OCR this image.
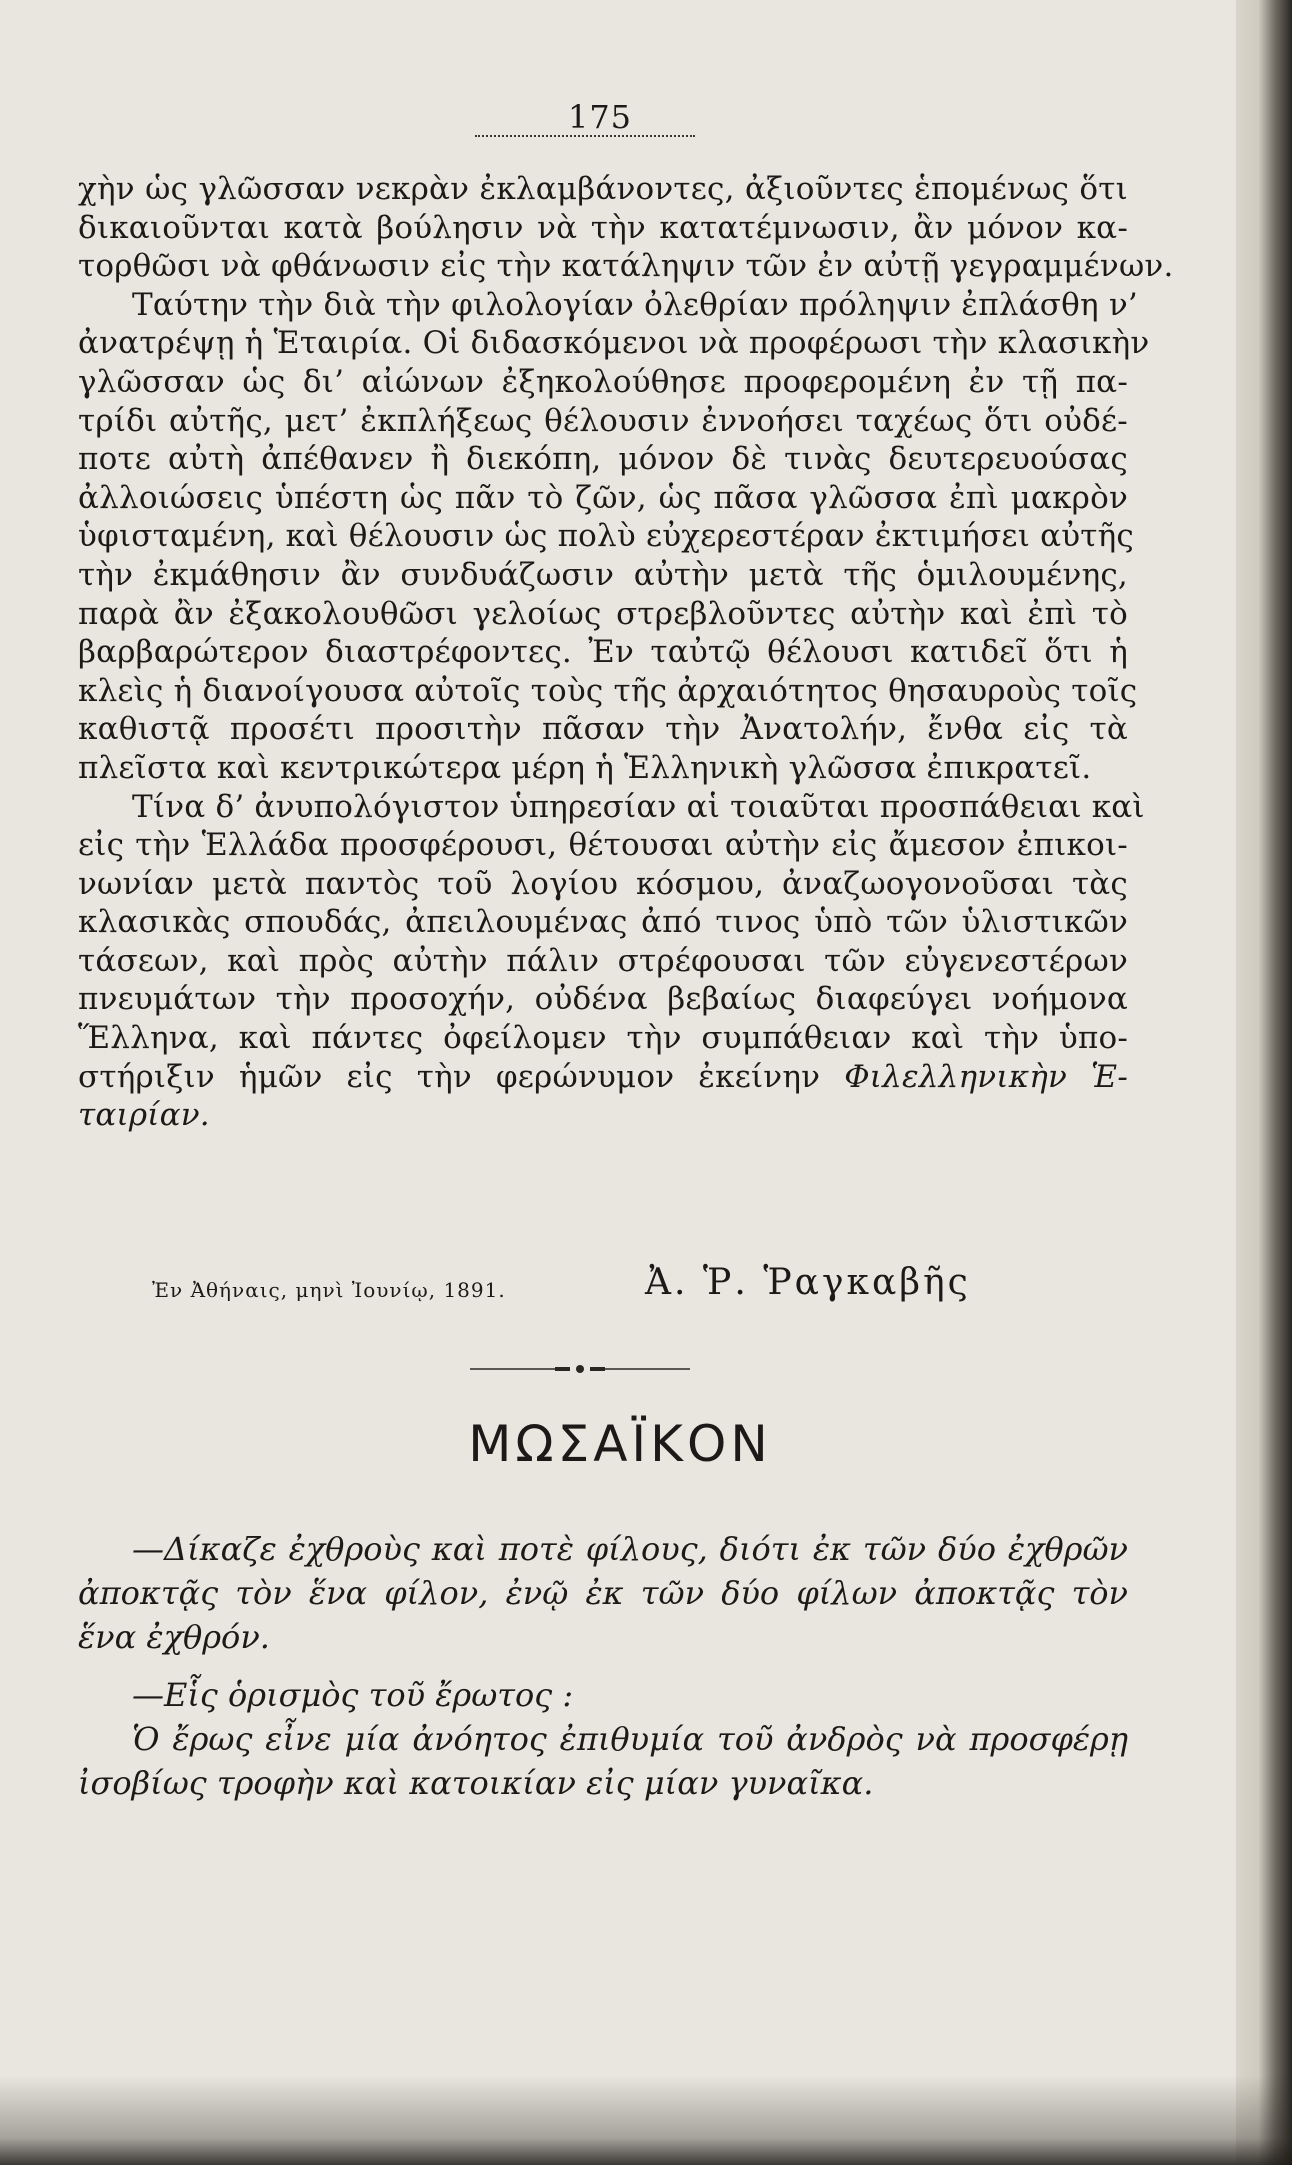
175
χὴν ὡς γλῶσσαν νεκρὰν ἐκλαμβάνοντες, ἀξιοῦντες ἑπομένως ὅτι
δικαιοῦνται κατὰ βούλησιν νὰ τὴν κατατέμνωσιν, ἂν μόνον κα-
τορθῶσι νὰ φθάνωσιν εἰς τὴν κατάληψιν τῶν ἐν αὐτῇ γεγραμμένων.
Ταύτην τὴν διὰ τὴν φιλολογίαν ὀλεθρίαν πρόληψιν ἐπλάσθη ν’
ἀνατρέψῃ ἡ Ἑταιρία. Οἱ διδασκόμενοι νὰ προφέρωσι τὴν κλασικὴν
γλῶσσαν ὡς δι’ αἰώνων ἐξηκολούθησε προφερομένη ἐν τῇ πα-
τρίδι αὐτῆς, μετ’ ἐκπλήξεως θέλουσιν ἐννοήσει ταχέως ὅτι οὐδέ-
ποτε αὐτὴ ἀπέθανεν ἢ διεκόπη, μόνον δὲ τινὰς δευτερευούσας
ἀλλοιώσεις ὑπέστη ὡς πᾶν τὸ ζῶν, ὡς πᾶσα γλῶσσα ἐπὶ μακρὸν
ὑφισταμένη, καὶ θέλουσιν ὡς πολὺ εὐχερεστέραν ἐκτιμήσει αὐτῆς
τὴν ἐκμάθησιν ἂν συνδυάζωσιν αὐτὴν μετὰ τῆς ὁμιλουμένης,
παρὰ ἂν ἐξακολουθῶσι γελοίως στρεβλοῦντες αὐτὴν καὶ ἐπὶ τὸ
βαρβαρώτερον διαστρέφοντες. Ἐν ταὐτῷ θέλουσι κατιδεῖ ὅτι ἡ
κλεὶς ἡ διανοίγουσα αὐτοῖς τοὺς τῆς ἀρχαιότητος θησαυροὺς τοῖς
καθιστᾷ προσέτι προσιτὴν πᾶσαν τὴν Ἀνατολήν, ἔνθα εἰς τὰ
πλεῖστα καὶ κεντρικώτερα μέρη ἡ Ἑλληνικὴ γλῶσσα ἐπικρατεῖ.
Τίνα δ’ ἀνυπολόγιστον ὑπηρεσίαν αἱ τοιαῦται προσπάθειαι καὶ
εἰς τὴν Ἑλλάδα προσφέρουσι, θέτουσαι αὐτὴν εἰς ἄμεσον ἐπικοι-
νωνίαν μετὰ παντὸς τοῦ λογίου κόσμου, ἀναζωογονοῦσαι τὰς
κλασικὰς σπουδάς, ἀπειλουμένας ἀπό τινος ὑπὸ τῶν ὑλιστικῶν
τάσεων, καὶ πρὸς αὐτὴν πάλιν στρέφουσαι τῶν εὐγενεστέρων
πνευμάτων τὴν προσοχήν, οὐδένα βεβαίως διαφεύγει νοήμονα
Ἕλληνα, καὶ πάντες ὀφείλομεν τὴν συμπάθειαν καὶ τὴν ὑπο-
στήριξιν ἡμῶν εἰς τὴν φερώνυμον ἐκείνην Φιλελληνικὴν Ἑ-
ταιρίαν.
Ἐν Ἀθήναις, μηνὶ Ἰουνίῳ, 1891.	Ἀ. Ῥ. Ῥαγκαβῆς
ΜΩΣΑΪΚΟΝ
—Δίκαζε ἐχθροὺς καὶ ποτὲ φίλους, διότι ἐκ τῶν δύο ἐχθρῶν
ἀποκτᾷς τὸν ἕνα φίλον, ἐνῷ ἐκ τῶν δύο φίλων ἀποκτᾷς τὸν
ἕνα ἐχθρόν.
—Εἷς ὁρισμὸς τοῦ ἔρωτος :
Ὁ ἔρως εἶνε μία ἀνόητος ἐπιθυμία τοῦ ἀνδρὸς νὰ προσφέρῃ
ἰσοβίως τροφὴν καὶ κατοικίαν εἰς μίαν γυναῖκα.
